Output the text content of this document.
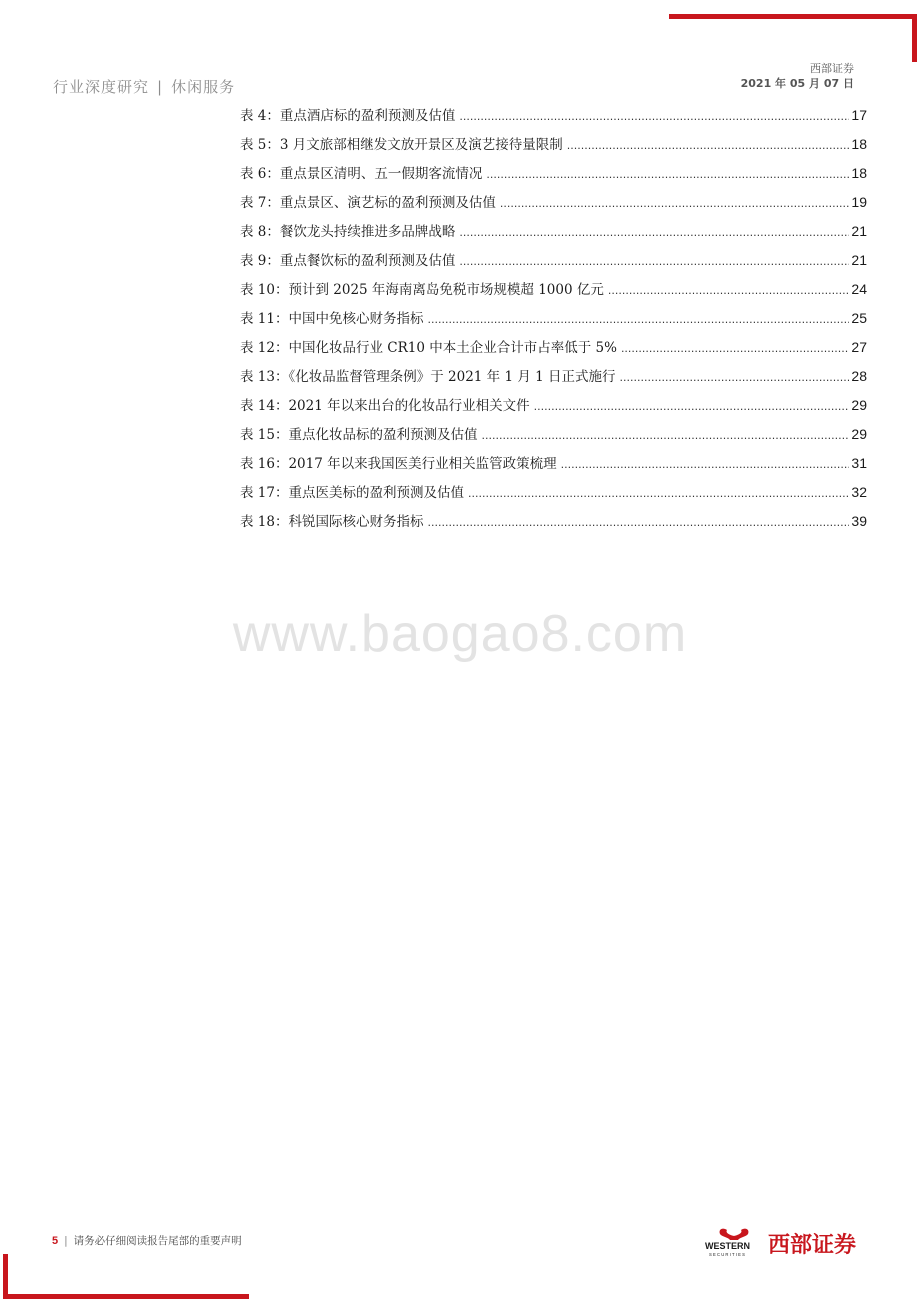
行业深度研究 | 休闲服务
西部证券
2021 年 05 月 07 日
表 4：重点酒店标的盈利预测及估值 .....	17
表 5：3 月文旅部相继发文放开景区及演艺接待量限制 .....	18
表 6：重点景区清明、五一假期客流情况 .....	18
表 7：重点景区、演艺标的盈利预测及估值 .....	19
表 8：餐饮龙头持续推进多品牌战略 .....	21
表 9：重点餐饮标的盈利预测及估值 .....	21
表 10：预计到 2025 年海南离岛免税市场规模超 1000 亿元 .....	24
表 11：中国中免核心财务指标 .....	25
表 12：中国化妆品行业 CR10 中本土企业合计市占率低于 5% .....	27
表 13：《化妆品监督管理条例》于 2021 年 1 月 1 日正式施行 .....	28
表 14：2021 年以来出台的化妆品行业相关文件 .....	29
表 15：重点化妆品标的盈利预测及估值 .....	29
表 16：2017 年以来我国医美行业相关监管政策梳理 .....	31
表 17：重点医美标的盈利预测及估值 .....	32
表 18：科锐国际核心财务指标 .....	39
www.baogao8.com
5 | 请务必仔细阅读报告尾部的重要声明	WESTERN
SECURITIES 西部证券
